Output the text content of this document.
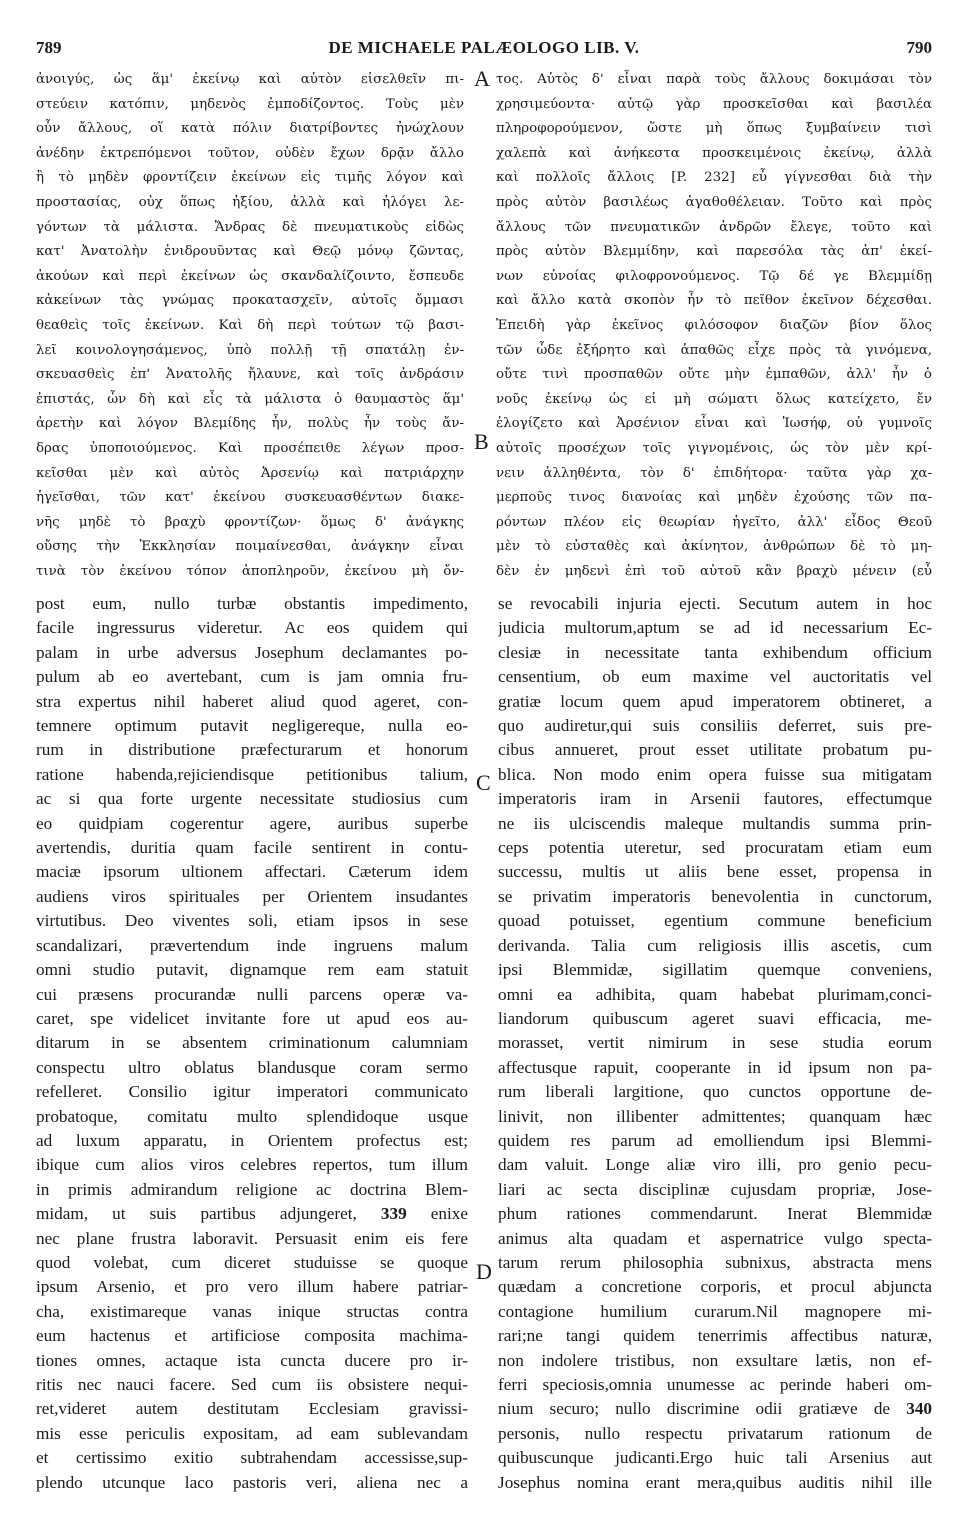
789	DE MICHAELE PALÆOLOGO LIB. V.	790
ἀνοιγύς, ὡς ἅμ' ἐκείνῳ καὶ αὐτὸν εἰσελθεῖν πι-
στεύειν κατόπιν, μηδενὸς ἐμποδίζοντος. Τοὺς μὲν
οὖν ἄλλους, οἵ κατὰ πόλιν διατρίβοντες ἠνώχλουν
ἀνέδην ἐκτρεπόμενοι τοῦτον, οὐδὲν ἔχων δρᾷν ἄλλο
ἢ τὸ μηδὲν φροντίζειν ἐκείνων εἰς τιμῆς λόγον καὶ
προστασίας, οὐχ ὅπως ἠξίου, ἀλλὰ καὶ ἠλόγει λε-
γόντων τὰ μάλιστα. Ἄνδρας δὲ πνευματικοὺς εἰδὼς
κατ' Ἀνατολὴν ἐνιδρουῦντας καὶ Θεῷ μόνῳ ζῶντας,
ἀκούων καὶ περὶ ἐκείνων ὡς σκανδαλίζοιντο, ἔσπευδε
κἀκείνων τὰς γνώμας προκατασχεῖν, αὐτοῖς ὄμμασι
θεαθεὶς τοῖς ἐκείνων. Καὶ δὴ περὶ τούτων τῷ βασι-
λεῖ κοινολογησάμενος, ὑπὸ πολλῇ τῇ σπατάλῃ ἐν-
σκευασθεὶς ἐπ' Ἀνατολῆς ἤλαυνε, καὶ τοῖς ἀνδράσιν
ἐπιστάς, ὧν δὴ καὶ εἷς τὰ μάλιστα ὁ θαυμαστὸς ἅμ'
ἀρετὴν καὶ λόγον Βλεμίδης ἦν, πολὺς ἦν τοὺς ἄν-
δρας ὑποποιούμενος. Καὶ προσέπειθε λέγων προσ-
κεῖσθαι μὲν καὶ αὐτὸς Ἀρσενίῳ καὶ πατριάρχην
ἡγεῖσθαι, τῶν κατ' ἐκείνου συσκευασθέντων διακε-
νῆς μηδὲ τὸ βραχὺ φροντίζων· ὅμως δ' ἀνάγκης
οὔσης τὴν Ἐκκλησίαν ποιμαίνεσθαι, ἀνάγκην εἶναι
τινὰ τὸν ἐκείνου τόπον ἀποπληροῦν, ἐκείνου μὴ ὄν-
τος. Αὐτὸς δ' εἶναι παρὰ τοὺς ἄλλους δοκιμάσαι τὸν
χρησιμεύοντα· αὐτῷ γὰρ προσκεῖσθαι καὶ βασιλέα
πληροφορούμενον, ὥστε μὴ ὅπως ξυμβαίνειν τισὶ
χαλεπὰ καὶ ἀνήκεστα προσκειμένοις ἐκείνῳ, ἀλλὰ
καὶ πολλοῖς ἄλλοις [P. 232] εὖ γίγνεσθαι διὰ τὴν
πρὸς αὐτὸν βασιλέως ἀγαθοθέλειαν. Τοῦτο καὶ πρὸς
ἄλλους τῶν πνευματικῶν ἀνδρῶν ἔλεγε, τοῦτο καὶ
πρὸς αὐτὸν Βλεμμίδην, καὶ παρεσόλα τὰς ἀπ' ἐκεί-
νων εὐνοίας φιλοφρονούμενος. Τῷ δέ γε Βλεμμίδῃ
καὶ ἄλλο κατὰ σκοπὸν ἦν τὸ πεῖθον ἐκεῖνον δέχεσθαι.
Ἐπειδὴ γὰρ ἐκεῖνος φιλόσοφον διαζῶν βίον ὅλος
τῶν ὧδε ἐξήρητο καὶ ἀπαθῶς εἶχε πρὸς τὰ γινόμενα,
οὔτε τινὶ προσπαθῶν οὔτε μὴν ἐμπαθῶν, ἀλλ' ἦν ὁ
νοῦς ἐκείνῳ ὡς εἰ μὴ σώματι ὅλως κατείχετο, ἔν
ἐλογίζετο καὶ Ἀρσένιον εἶναι καὶ Ἰωσήφ, οὐ γυμνοῖς
αὐτοῖς προσέχων τοῖς γιγνομένοις, ὡς τὸν μὲν κρί-
νειν ἀλληθέντα, τὸν δ' ἐπιδήτορα· ταῦτα γὰρ χα-
μερποῦς τινος διανοίας καὶ μηδὲν ἐχούσης τῶν πα-
ρόντων πλέον εἰς θεωρίαν ἡγεῖτο, ἀλλ' εἶδος Θεοῦ
μὲν τὸ εὐσταθὲς καὶ ἀκίνητον, ἀνθρώπων δὲ τὸ μη-
δὲν ἐν μηδενὶ ἐπὶ τοῦ αὐτοῦ κἂν βραχὺ μένειν (εὖ
post eum, nullo turbæ obstantis impedimento,
facile ingressurus videretur. Ac eos quidem qui
palam in urbe adversus Josephum declamantes po-
pulum ab eo avertebant, cum is jam omnia fru-
stra expertus nihil haberet aliud quod ageret, con-
temnere optimum putavit negligereque, nulla eo-
rum in distributione præfecturarum et honorum
ratione habenda,rejiciendisque petitionibus talium,
ac si qua forte urgente necessitate studiosius cum
eo quidpiam cogerentur agere, auribus superbe
avertendis, duritia quam facile sentirent in contu-
maciæ ipsorum ultionem affectari. Cæterum idem
audiens viros spirituales per Orientem insudantes
virtutibus. Deo viventes soli, etiam ipsos in sese
scandalizari, prævertendum inde ingruens malum
omni studio putavit, dignamque rem eam statuit
cui præsens procurandæ nulli parcens operæ va-
caret, spe videlicet invitante fore ut apud eos au-
ditarum in se absentem criminationum calumniam
conspectu ultro oblatus blandusque coram sermo
refelleret. Consilio igitur imperatori communicato
probatoque, comitatu multo splendidoque usque
ad luxum apparatu, in Orientem profectus est;
ibique cum alios viros celebres repertos, tum illum
in primis admirandum religione ac doctrina Blem-
midam, ut suis partibus adjungeret, 339 enixe
nec plane frustra laboravit. Persuasit enim eis fere
quod volebat, cum diceret studuisse se quoque
ipsum Arsenio, et pro vero illum habere patriar-
cha, existimareque vanas inique structas contra
eum hactenus et artificiose composita machima-
tiones omnes, actaque ista cuncta ducere pro ir-
ritis nec nauci facere. Sed cum iis obsistere nequi-
ret,videret autem destitutam Ecclesiam gravissi-
mis esse periculis expositam, ad eam sublevandam
et certissimo exitio subtrahendam accessisse,sup-
plendo utcunque laco pastoris veri, aliena nec a
se revocabili injuria ejecti. Secutum autem in hoc
judicia multorum,aptum se ad id necessarium Ec-
clesiæ in necessitate tanta exhibendum officium
censentium, ob eum maxime vel auctoritatis vel
gratiæ locum quem apud imperatorem obtineret, a
quo audiretur,qui suis consiliis deferret, suis pre-
cibus annueret, prout esset utilitate probatum pu-
blica. Non modo enim opera fuisse sua mitigatam
imperatoris iram in Arsenii fautores, effectumque
ne iis ulciscendis maleque multandis summa prin-
ceps potentia uteretur, sed procuratam etiam eum
successu, multis ut aliis bene esset, propensa in
se privatim imperatoris benevolentia in cunctorum,
quoad potuisset, egentium commune beneficium
derivanda. Talia cum religiosis illis ascetis, cum
ipsi Blemmidæ, sigillatim quemque conveniens,
omni ea adhibita, quam habebat plurimam,conci-
liandorum quibuscum ageret suavi efficacia, me-
morasset, vertit nimirum in sese studia eorum
affectusque rapuit, cooperante in id ipsum non pa-
rum liberali largitione, quo cunctos opportune de-
linivit, non illibenter admittentes; quanquam hæc
quidem res parum ad emolliendum ipsi Blemmi-
dam valuit. Longe aliæ viro illi, pro genio pecu-
liari ac secta disciplinæ cujusdam propriæ, Jose-
phum rationes commendarunt. Inerat Blemmidæ
animus alta quadam et aspernatrice vulgo specta-
tarum rerum philosophia subnixus, abstracta mens
quædam a concretione corporis, et procul abjuncta
contagione humilium curarum.Nil magnopere mi-
rari;ne tangi quidem tenerrimis affectibus naturæ,
non indolere tristibus, non exsultare lætis, non ef-
ferri speciosis,omnia unumesse ac perinde haberi om-
nium securo; nullo discrimine odii gratiæve de 340
personis, nullo respectu privatarum rationum de
quibuscunque judicanti.Ergo huic tali Arsenius aut
Josephus nomina erant mera,quibus auditis nihil ille
A
B
C
D
